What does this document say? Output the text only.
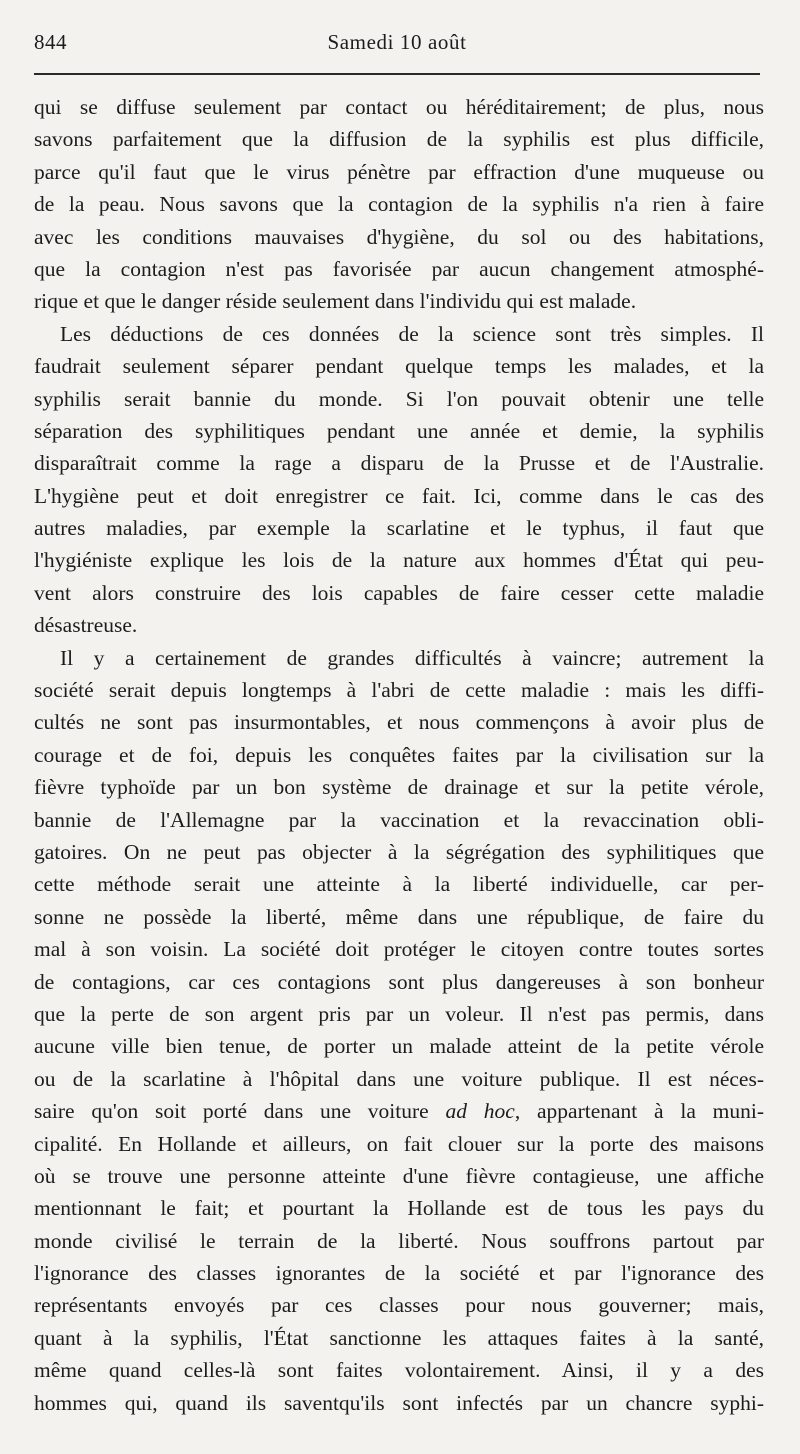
844	Samedi 10 août
qui se diffuse seulement par contact ou héréditairement; de plus, nous
savons parfaitement que la diffusion de la syphilis est plus difficile,
parce qu'il faut que le virus pénètre par effraction d'une muqueuse ou
de la peau. Nous savons que la contagion de la syphilis n'a rien à faire
avec les conditions mauvaises d'hygiène, du sol ou des habitations,
que la contagion n'est pas favorisée par aucun changement atmosphé-
rique et que le danger réside seulement dans l'individu qui est malade.
Les déductions de ces données de la science sont très simples. Il
faudrait seulement séparer pendant quelque temps les malades, et la
syphilis serait bannie du monde. Si l'on pouvait obtenir une telle
séparation des syphilitiques pendant une année et demie, la syphilis
disparaîtrait comme la rage a disparu de la Prusse et de l'Australie.
L'hygiène peut et doit enregistrer ce fait. Ici, comme dans le cas des
autres maladies, par exemple la scarlatine et le typhus, il faut que
l'hygiéniste explique les lois de la nature aux hommes d'État qui peu-
vent alors construire des lois capables de faire cesser cette maladie
désastreuse.
Il y a certainement de grandes difficultés à vaincre; autrement la
société serait depuis longtemps à l'abri de cette maladie : mais les diffi-
cultés ne sont pas insurmontables, et nous commençons à avoir plus de
courage et de foi, depuis les conquêtes faites par la civilisation sur la
fièvre typhoïde par un bon système de drainage et sur la petite vérole,
bannie de l'Allemagne par la vaccination et la revaccination obli-
gatoires. On ne peut pas objecter à la ségrégation des syphilitiques que
cette méthode serait une atteinte à la liberté individuelle, car per-
sonne ne possède la liberté, même dans une république, de faire du
mal à son voisin. La société doit protéger le citoyen contre toutes sortes
de contagions, car ces contagions sont plus dangereuses à son bonheur
que la perte de son argent pris par un voleur. Il n'est pas permis, dans
aucune ville bien tenue, de porter un malade atteint de la petite vérole
ou de la scarlatine à l'hôpital dans une voiture publique. Il est néces-
saire qu'on soit porté dans une voiture ad hoc, appartenant à la muni-
cipalité. En Hollande et ailleurs, on fait clouer sur la porte des maisons
où se trouve une personne atteinte d'une fièvre contagieuse, une affiche
mentionnant le fait; et pourtant la Hollande est de tous les pays du
monde civilisé le terrain de la liberté. Nous souffrons partout par
l'ignorance des classes ignorantes de la société et par l'ignorance des
représentants envoyés par ces classes pour nous gouverner; mais,
quant à la syphilis, l'État sanctionne les attaques faites à la santé,
même quand celles-là sont faites volontairement. Ainsi, il y a des
hommes qui, quand ils saventqu'ils sont infectés par un chancre syphi-
